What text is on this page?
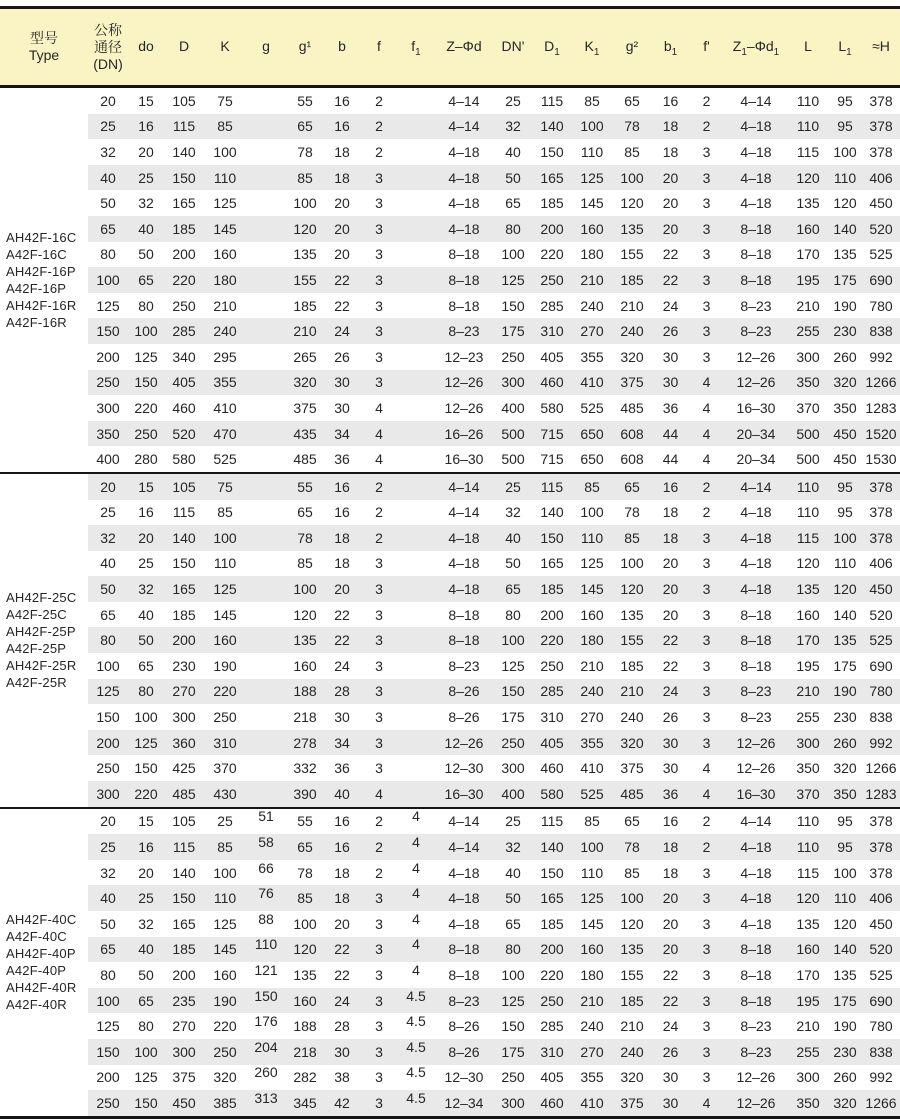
型号
Type

公称
通径
(DN)
	do	D	K	g	g¹	b	f	$f_1$	Z–Φd	DN'	$D_1$	$K_1$	g²	$b_1$	f'	$Z_1-\Phi d_1$	L	$L_1$	≈H

AH42F-16C
A42F-16C
AH42F-16P
A42F-16P
AH42F-16R
A42F-16R
	20	15	105	75		55	16	2		4–14	25	115	85	65	16	2	4–14	110	95	378
	25	16	115	85		65	16	2		4–14	32	140	100	78	18	2	4–18	110	95	378
	32	20	140	100		78	18	2		4–18	40	150	110	85	18	3	4–18	115	100	378
	40	25	150	110		85	18	3		4–18	50	165	125	100	20	3	4–18	120	110	406
	50	32	165	125		100	20	3		4–18	65	185	145	120	20	3	4–18	135	120	450
	65	40	185	145		120	20	3		4–18	80	200	160	135	20	3	8–18	160	140	520
	80	50	200	160		135	20	3		8–18	100	220	180	155	22	3	8–18	170	135	525
	100	65	220	180		155	22	3		8–18	125	250	210	185	22	3	8–18	195	175	690
	125	80	250	210		185	22	3		8–18	150	285	240	210	24	3	8–23	210	190	780
	150	100	285	240		210	24	3		8–23	175	310	270	240	26	3	8–23	255	230	838
	200	125	340	295		265	26	3		12–23	250	405	355	320	30	3	12–26	300	260	992
	250	150	405	355		320	30	3		12–26	300	460	410	375	30	4	12–26	350	320	1266
	300	220	460	410		375	30	4		12–26	400	580	525	485	36	4	16–30	370	350	1283
	350	250	520	470		435	34	4		16–26	500	715	650	608	44	4	20–34	500	450	1520
	400	280	580	525		485	36	4		16–30	500	715	650	608	44	4	20–34	500	450	1530

AH42F-25C
A42F-25C
AH42F-25P
A42F-25P
AH42F-25R
A42F-25R
	20	15	105	75		55	16	2		4–14	25	115	85	65	16	2	4–14	110	95	378
	25	16	115	85		65	16	2		4–14	32	140	100	78	18	2	4–18	110	95	378
	32	20	140	100		78	18	2		4–18	40	150	110	85	18	3	4–18	115	100	378
	40	25	150	110		85	18	3		4–18	50	165	125	100	20	3	4–18	120	110	406
	50	32	165	125		100	20	3		4–18	65	185	145	120	20	3	4–18	135	120	450
	65	40	185	145		120	22	3		8–18	80	200	160	135	20	3	8–18	160	140	520
	80	50	200	160		135	22	3		8–18	100	220	180	155	22	3	8–18	170	135	525
	100	65	230	190		160	24	3		8–23	125	250	210	185	22	3	8–18	195	175	690
	125	80	270	220		188	28	3		8–26	150	285	240	210	24	3	8–23	210	190	780
	150	100	300	250		218	30	3		8–26	175	310	270	240	26	3	8–23	255	230	838
	200	125	360	310		278	34	3		12–26	250	405	355	320	30	3	12–26	300	260	992
	250	150	425	370		332	36	3		12–30	300	460	410	375	30	4	12–26	350	320	1266
	300	220	485	430		390	40	4		16–30	400	580	525	485	36	4	16–30	370	350	1283

AH42F-40C
A42F-40C
AH42F-40P
A42F-40P
AH42F-40R
A42F-40R
	20	15	105	25	51	55	16	2	4	4–14	25	115	85	65	16	2	4–14	110	95	378
	25	16	115	85	58	65	16	2	4	4–14	32	140	100	78	18	2	4–18	110	95	378
	32	20	140	100	66	78	18	2	4	4–18	40	150	110	85	18	3	4–18	115	100	378
	40	25	150	110	76	85	18	3	4	4–18	50	165	125	100	20	3	4–18	120	110	406
	50	32	165	125	88	100	20	3	4	4–18	65	185	145	120	20	3	4–18	135	120	450
	65	40	185	145	110	120	22	3	4	8–18	80	200	160	135	20	3	8–18	160	140	520
	80	50	200	160	121	135	22	3	4	8–18	100	220	180	155	22	3	8–18	170	135	525
	100	65	235	190	150	160	24	3	4.5	8–23	125	250	210	185	22	3	8–18	195	175	690
	125	80	270	220	176	188	28	3	4.5	8–26	150	285	240	210	24	3	8–23	210	190	780
	150	100	300	250	204	218	30	3	4.5	8–26	175	310	270	240	26	3	8–23	255	230	838
	200	125	375	320	260	282	38	3	4.5	12–30	250	405	355	320	30	3	12–26	300	260	992
	250	150	450	385	313	345	42	3	4.5	12–34	300	460	410	375	30	4	12–26	350	320	1266
